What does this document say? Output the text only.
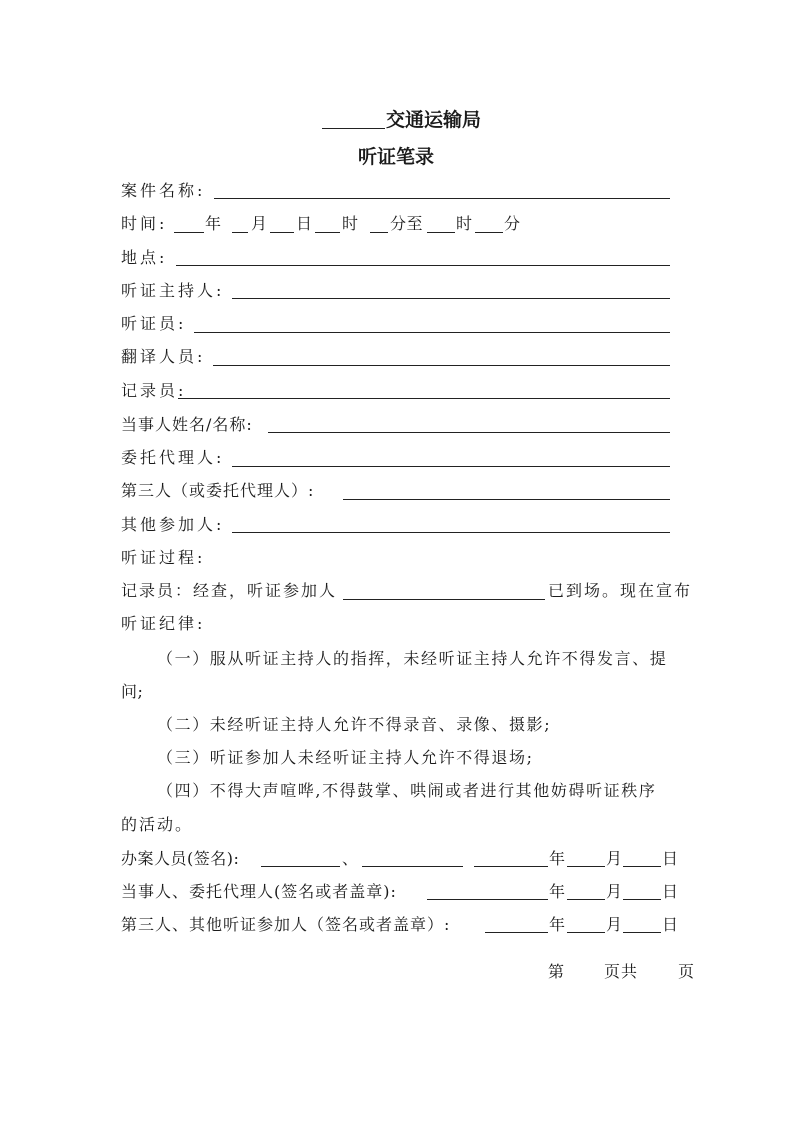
交通运输局
听证笔录
案件名称:
时间: 年 月 日 时 分至 时 分
地点:
听证主持人:
听证员:
翻译人员:
记录员:
当事人姓名/名称:
委托代理人:
第三人（或委托代理人）:
其他参加人:
听证过程:
记录员：经查，听证参加人	已到场。现在宣布
听证纪律:
（一）服从听证主持人的指挥，未经听证主持人允许不得发言、提
问;
（二）未经听证主持人允许不得录音、录像、摄影;
（三）听证参加人未经听证主持人允许不得退场;
（四）不得大声喧哗,不得鼓掌、哄闹或者进行其他妨碍听证秩序
的活动。
办案人员(签名):	、	年	月 日
当事人、委托代理人(签名或者盖章):	年	月 日
第三人、其他听证参加人（签名或者盖章）:	年	月 日
第 页共 页
